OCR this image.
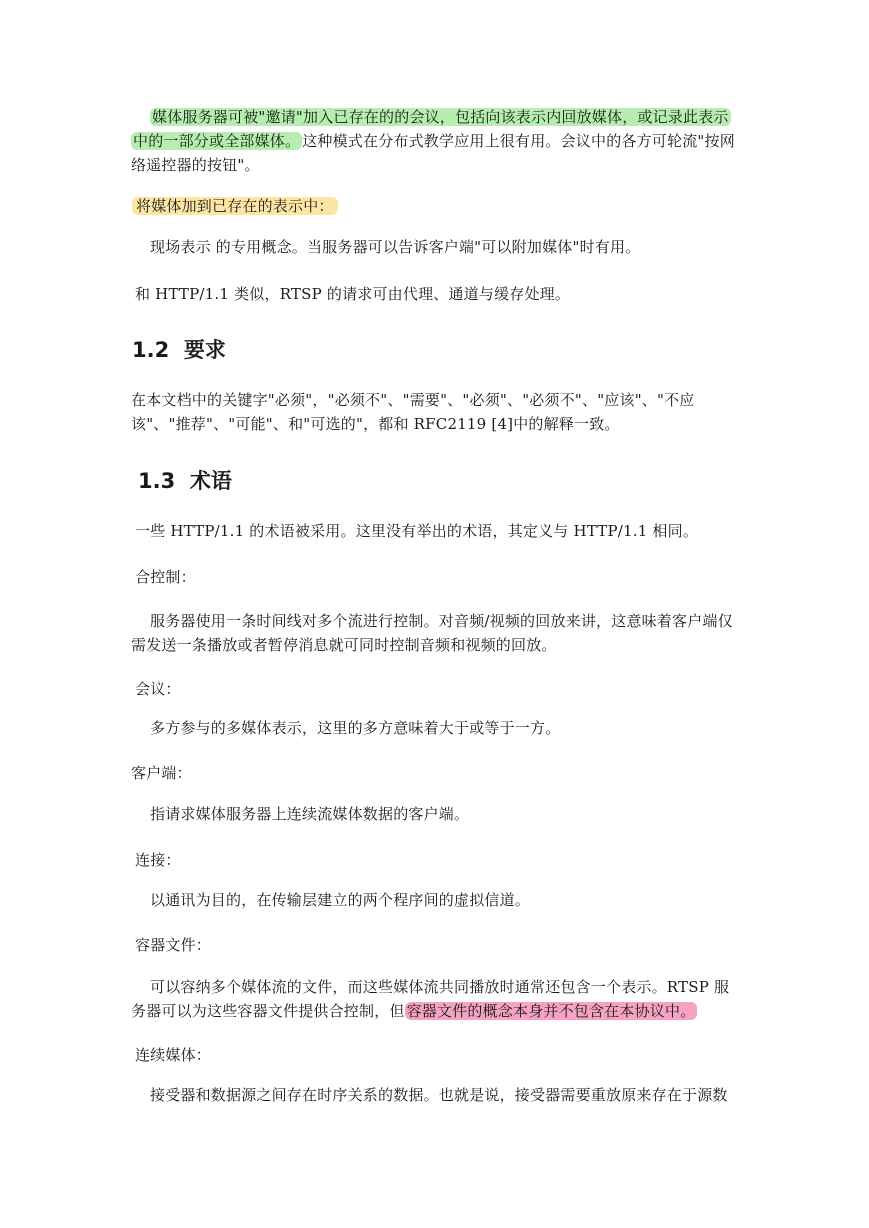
媒体服务器可被"邀请"加入已存在的的会议，包括向该表示内回放媒体，或记录此表示中的一部分或全部媒体。 这种模式在分布式教学应用上很有用。会议中的各方可轮流"按网络遥控器的按钮"。

将媒体加到已存在的表示中：

现场表示 的专用概念。当服务器可以告诉客户端"可以附加媒体"时有用。

和 HTTP/1.1 类似，RTSP 的请求可由代理、通道与缓存处理。

1.2 要求

在本文档中的关键字"必须"，"必须不"、"需要"、"必须"、"必须不"、"应该"、"不应该"、"推荐"、"可能"、和"可选的"，都和 RFC2119 [4]中的解释一致。

1.3 术语

一些 HTTP/1.1 的术语被采用。这里没有举出的术语，其定义与 HTTP/1.1 相同。

合控制：

服务器使用一条时间线对多个流进行控制。对音频/视频的回放来讲，这意味着客户端仅需发送一条播放或者暂停消息就可同时控制音频和视频的回放。

会议：

多方参与的多媒体表示，这里的多方意味着大于或等于一方。

客户端：

指请求媒体服务器上连续流媒体数据的客户端。

连接：

以通讯为目的，在传输层建立的两个程序间的虚拟信道。

容器文件：

可以容纳多个媒体流的文件，而这些媒体流共同播放时通常还包含一个表示。RTSP 服务器可以为这些容器文件提供合控制，但 容器文件的概念本身并不包含在本协议中。

连续媒体：

接受器和数据源之间存在时序关系的数据。也就是说，接受器需要重放原来存在于源数
